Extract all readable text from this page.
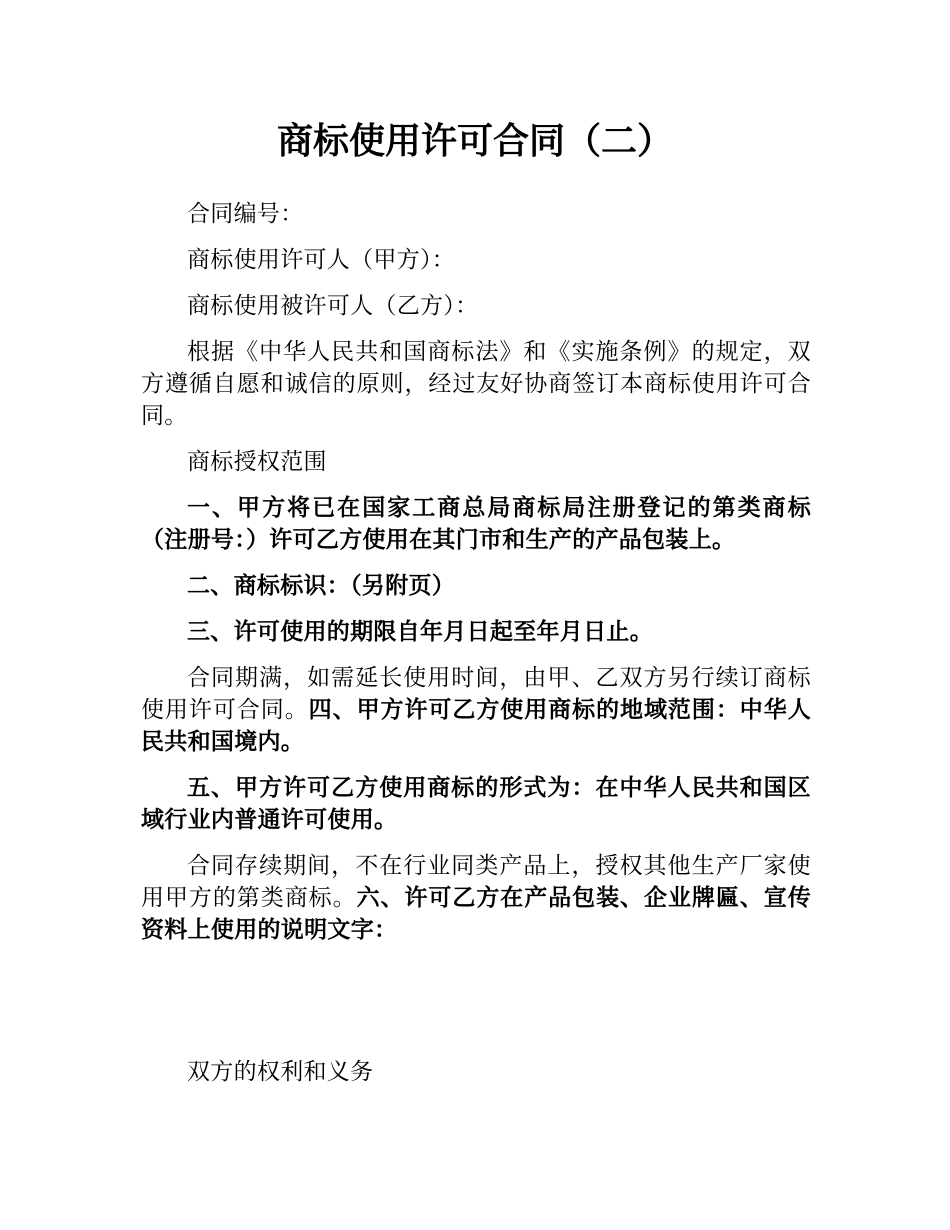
商标使用许可合同（二）

合同编号：

商标使用许可人（甲方）：

商标使用被许可人（乙方）：

根据《中华人民共和国商标法》和《实施条例》的规定，双方遵循自愿和诚信的原则，经过友好协商签订本商标使用许可合同。

商标授权范围

一、甲方将已在国家工商总局商标局注册登记的第类商标（注册号：）许可乙方使用在其门市和生产的产品包装上。

二、商标标识：（另附页）

三、许可使用的期限自年月日起至年月日止。

合同期满，如需延长使用时间，由甲、乙双方另行续订商标使用许可合同。四、甲方许可乙方使用商标的地域范围：中华人民共和国境内。

五、甲方许可乙方使用商标的形式为：在中华人民共和国区域行业内普通许可使用。

合同存续期间，不在行业同类产品上，授权其他生产厂家使用甲方的第类商标。六、许可乙方在产品包装、企业牌匾、宣传资料上使用的说明文字：

双方的权利和义务
